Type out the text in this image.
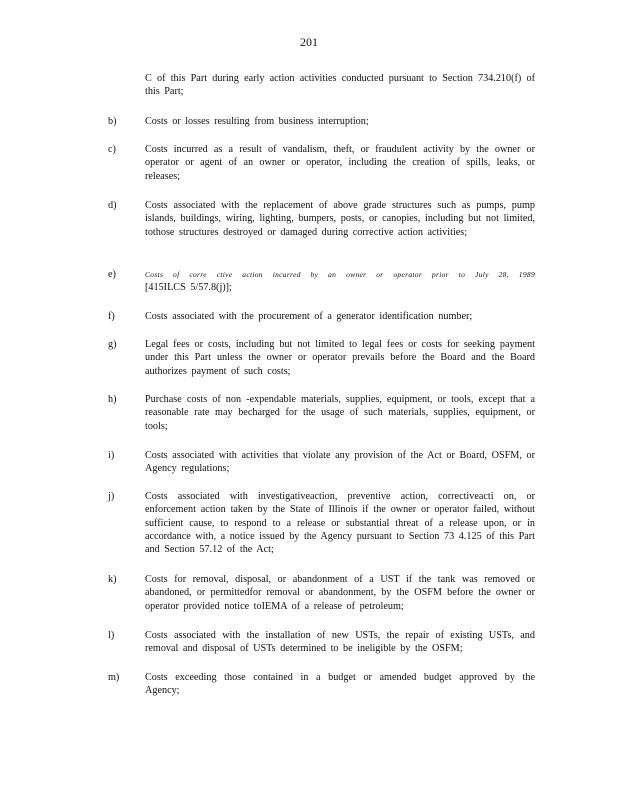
201
C of this Part during early action activities conducted pursuant to Section 734.210(f) of this Part;
b)	Costs or losses resulting from business interruption;
c)	Costs incurred as a result of vandalism, theft, or fraudulent activity by the owner or operator or agent of an owner or operator, including the creation of spills, leaks, or releases;
d)	Costs associated with the replacement of above grade structures such as pumps, pump islands, buildings, wiring, lighting, bumpers, posts, or canopies, including but not limited, tothose structures destroyed or damaged during corrective action activities;
e)	Costs of corre ctive action incurred by an owner or operator prior to July 28, 1989 [415ILCS 5/57.8(j)];
f)	Costs associated with the procurement of a generator identification number;
g)	Legal fees or costs, including but not limited to legal fees or costs for seeking payment under this Part unless the owner or operator prevails before the Board and the Board authorizes payment of such costs;
h)	Purchase costs of non -expendable materials, supplies, equipment, or tools, except that a reasonable rate may becharged for the usage of such materials, supplies, equipment, or tools;
i)	Costs associated with activities that violate any provision of the Act or Board, OSFM, or Agency regulations;
j)	Costs associated with investigativeaction, preventive action, correctiveacti on, or enforcement action taken by the State of Illinois if the owner or operator failed, without sufficient cause, to respond to a release or substantial threat of a release upon, or in accordance with, a notice issued by the Agency pursuant to Section 73 4.125 of this Part and Section 57.12 of the Act;
k)	Costs for removal, disposal, or abandonment of a UST if the tank was removed or abandoned, or permittedfor removal or abandonment, by the OSFM before the owner or operator provided notice toIEMA of a release of petroleum;
l)	Costs associated with the installation of new USTs, the repair of existing USTs, and removal and disposal of USTs determined to be ineligible by the OSFM;
m)	Costs exceeding those contained in a budget or amended budget approved by the Agency;
